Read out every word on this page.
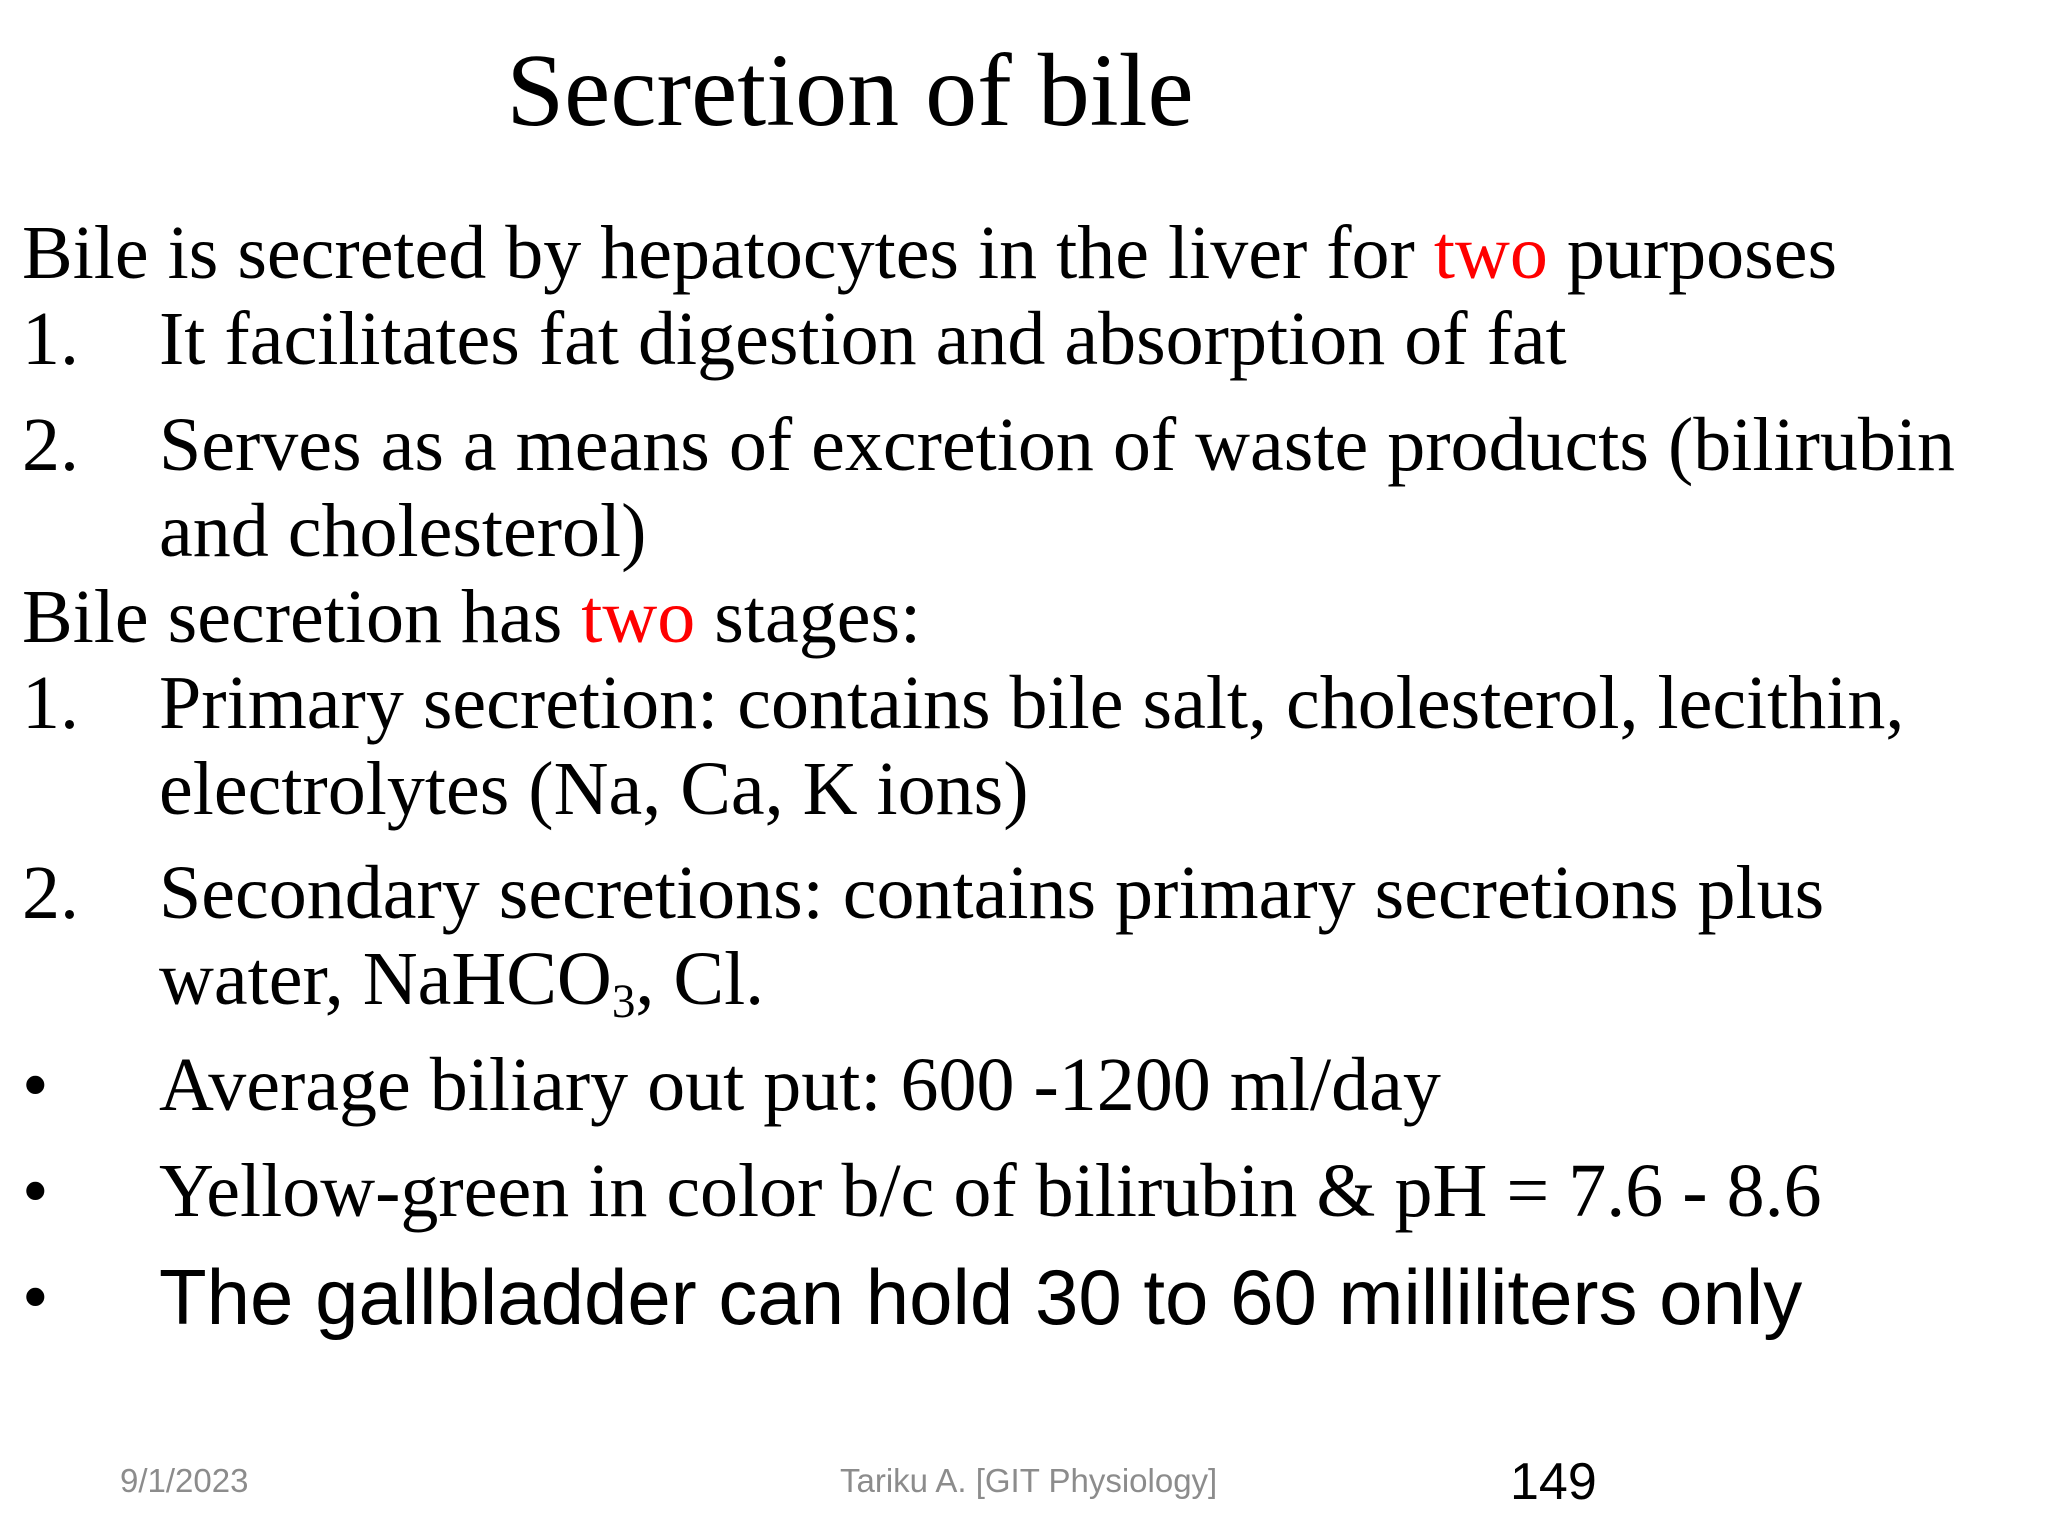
Secretion of bile
Bile is secreted by hepatocytes in the liver for two purposes
1.	It facilitates fat digestion and absorption of fat
2.	Serves as a means of excretion of waste products (bilirubin and cholesterol)
Bile secretion has two stages:
1.	Primary secretion: contains bile salt, cholesterol, lecithin, electrolytes (Na, Ca, K ions)
2.	Secondary secretions: contains primary secretions plus water, NaHCO$_3$, Cl.
•	Average biliary out put: 600 -1200 ml/day
•	Yellow-green in color b/c of bilirubin & pH = 7.6 - 8.6
•	The gallbladder can hold 30 to 60 milliliters only
9/1/2023	Tariku A. [GIT Physiology]	149
